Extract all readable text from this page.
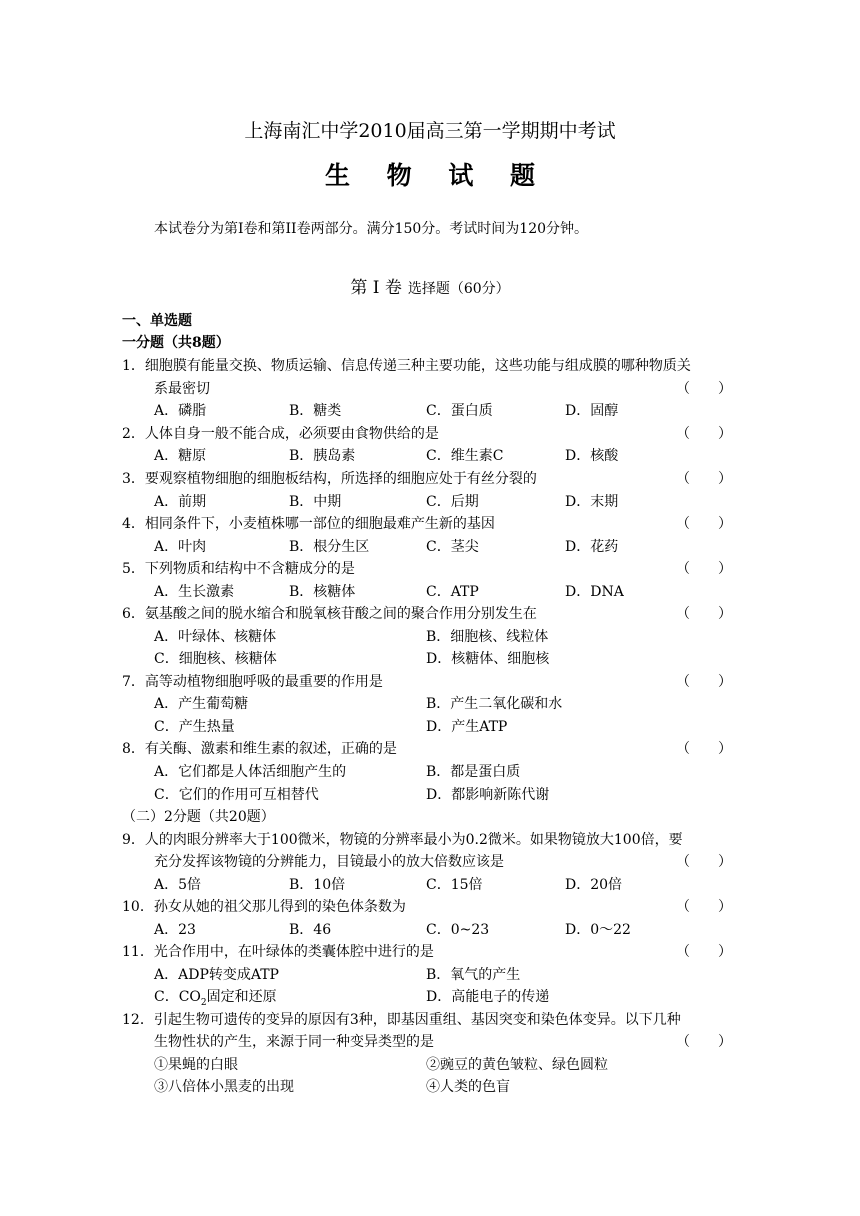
上海南汇中学2010届高三第一学期期中考试
生 物 试 题
本试卷分为第I卷和第II卷两部分。满分150分。考试时间为120分钟。
第 Ⅰ 卷 选择题（60分）
一、单选题
一分题（共8题）
1．细胞膜有能量交换、物质运输、信息传递三种主要功能，这些功能与组成膜的哪种物质关
系最密切	（　　）
A．磷脂	B．糖类	C．蛋白质	D．固醇
2．人体自身一般不能合成，必须要由食物供给的是	（　　）
A．糖原	B．胰岛素	C．维生素C	D．核酸
3．要观察植物细胞的细胞板结构，所选择的细胞应处于有丝分裂的	（　　）
A．前期	B．中期	C．后期	D．末期
4．相同条件下，小麦植株哪一部位的细胞最难产生新的基因	（　　）
A．叶肉	B．根分生区	C．茎尖	D．花药
5．下列物质和结构中不含糖成分的是	（　　）
A．生长激素	B．核糖体	C．ATP	D．DNA
6．氨基酸之间的脱水缩合和脱氧核苷酸之间的聚合作用分别发生在	（　　）
A．叶绿体、核糖体	B．细胞核、线粒体
C．细胞核、核糖体	D．核糖体、细胞核
7．高等动植物细胞呼吸的最重要的作用是	（　　）
A．产生葡萄糖	B．产生二氧化碳和水
C．产生热量	D．产生ATP
8．有关酶、激素和维生素的叙述，正确的是	（　　）
A．它们都是人体活细胞产生的	B．都是蛋白质
C．它们的作用可互相替代	D．都影响新陈代谢
（二）2分题（共20题）
9．人的肉眼分辨率大于100微米，物镜的分辨率最小为0.2微米。如果物镜放大100倍，要
充分发挥该物镜的分辨能力，目镜最小的放大倍数应该是	（　　）
A．5倍	B．10倍	C．15倍	D．20倍
10．孙女从她的祖父那儿得到的染色体条数为	（　　）
A．23	B．46	C．0~23	D．0～22
11．光合作用中，在叶绿体的类囊体腔中进行的是	（　　）
A．ADP转变成ATP	B．氧气的产生
C．$CO_2$固定和还原	D．高能电子的传递
12．引起生物可遗传的变异的原因有3种，即基因重组、基因突变和染色体变异。以下几种
生物性状的产生，来源于同一种变异类型的是	（　　）
①果蝇的白眼	②豌豆的黄色皱粒、绿色圆粒
③八倍体小黑麦的出现	④人类的色盲
